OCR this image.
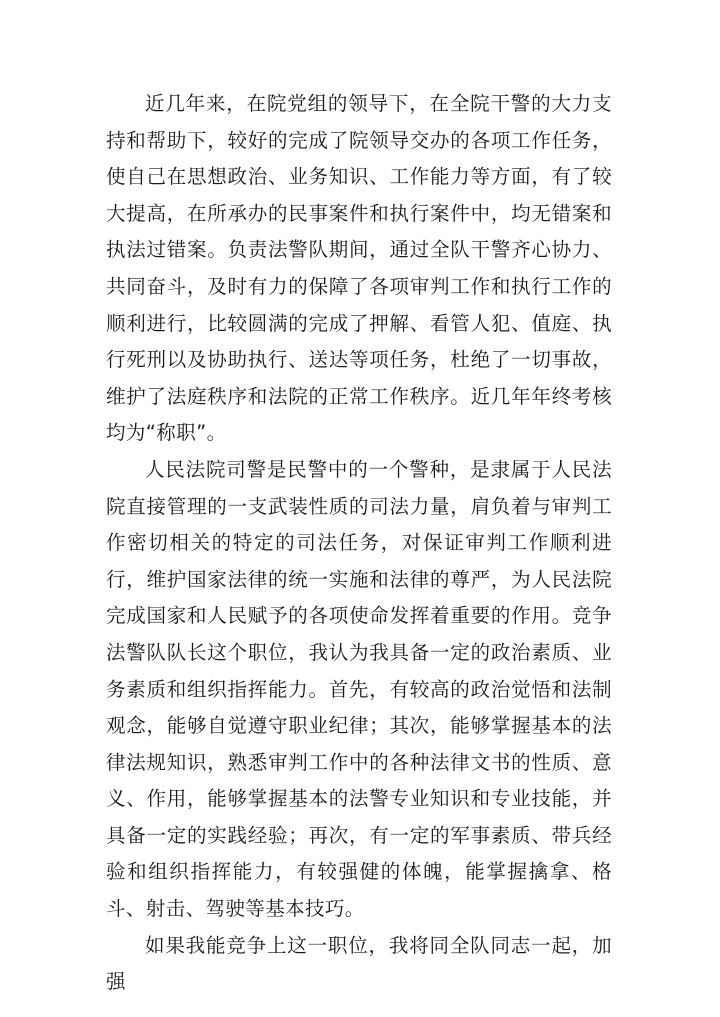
近几年来，在院党组的领导下，在全院干警的大力支持和帮助下，较好的完成了院领导交办的各项工作任务，使自己在思想政治、业务知识、工作能力等方面，有了较大提高，在所承办的民事案件和执行案件中，均无错案和执法过错案。负责法警队期间，通过全队干警齐心协力、共同奋斗，及时有力的保障了各项审判工作和执行工作的顺利进行，比较圆满的完成了押解、看管人犯、值庭、执行死刑以及协助执行、送达等项任务，杜绝了一切事故，维护了法庭秩序和法院的正常工作秩序。近几年年终考核均为“称职”。

人民法院司警是民警中的一个警种，是隶属于人民法院直接管理的一支武装性质的司法力量，肩负着与审判工作密切相关的特定的司法任务，对保证审判工作顺利进行，维护国家法律的统一实施和法律的尊严，为人民法院完成国家和人民赋予的各项使命发挥着重要的作用。竞争法警队队长这个职位，我认为我具备一定的政治素质、业务素质和组织指挥能力。首先，有较高的政治觉悟和法制观念，能够自觉遵守职业纪律；其次，能够掌握基本的法律法规知识，熟悉审判工作中的各种法律文书的性质、意义、作用，能够掌握基本的法警专业知识和专业技能，并具备一定的实践经验；再次，有一定的军事素质、带兵经验和组织指挥能力，有较强健的体魄，能掌握擒拿、格斗、射击、驾驶等基本技巧。

如果我能竞争上这一职位，我将同全队同志一起，加强
